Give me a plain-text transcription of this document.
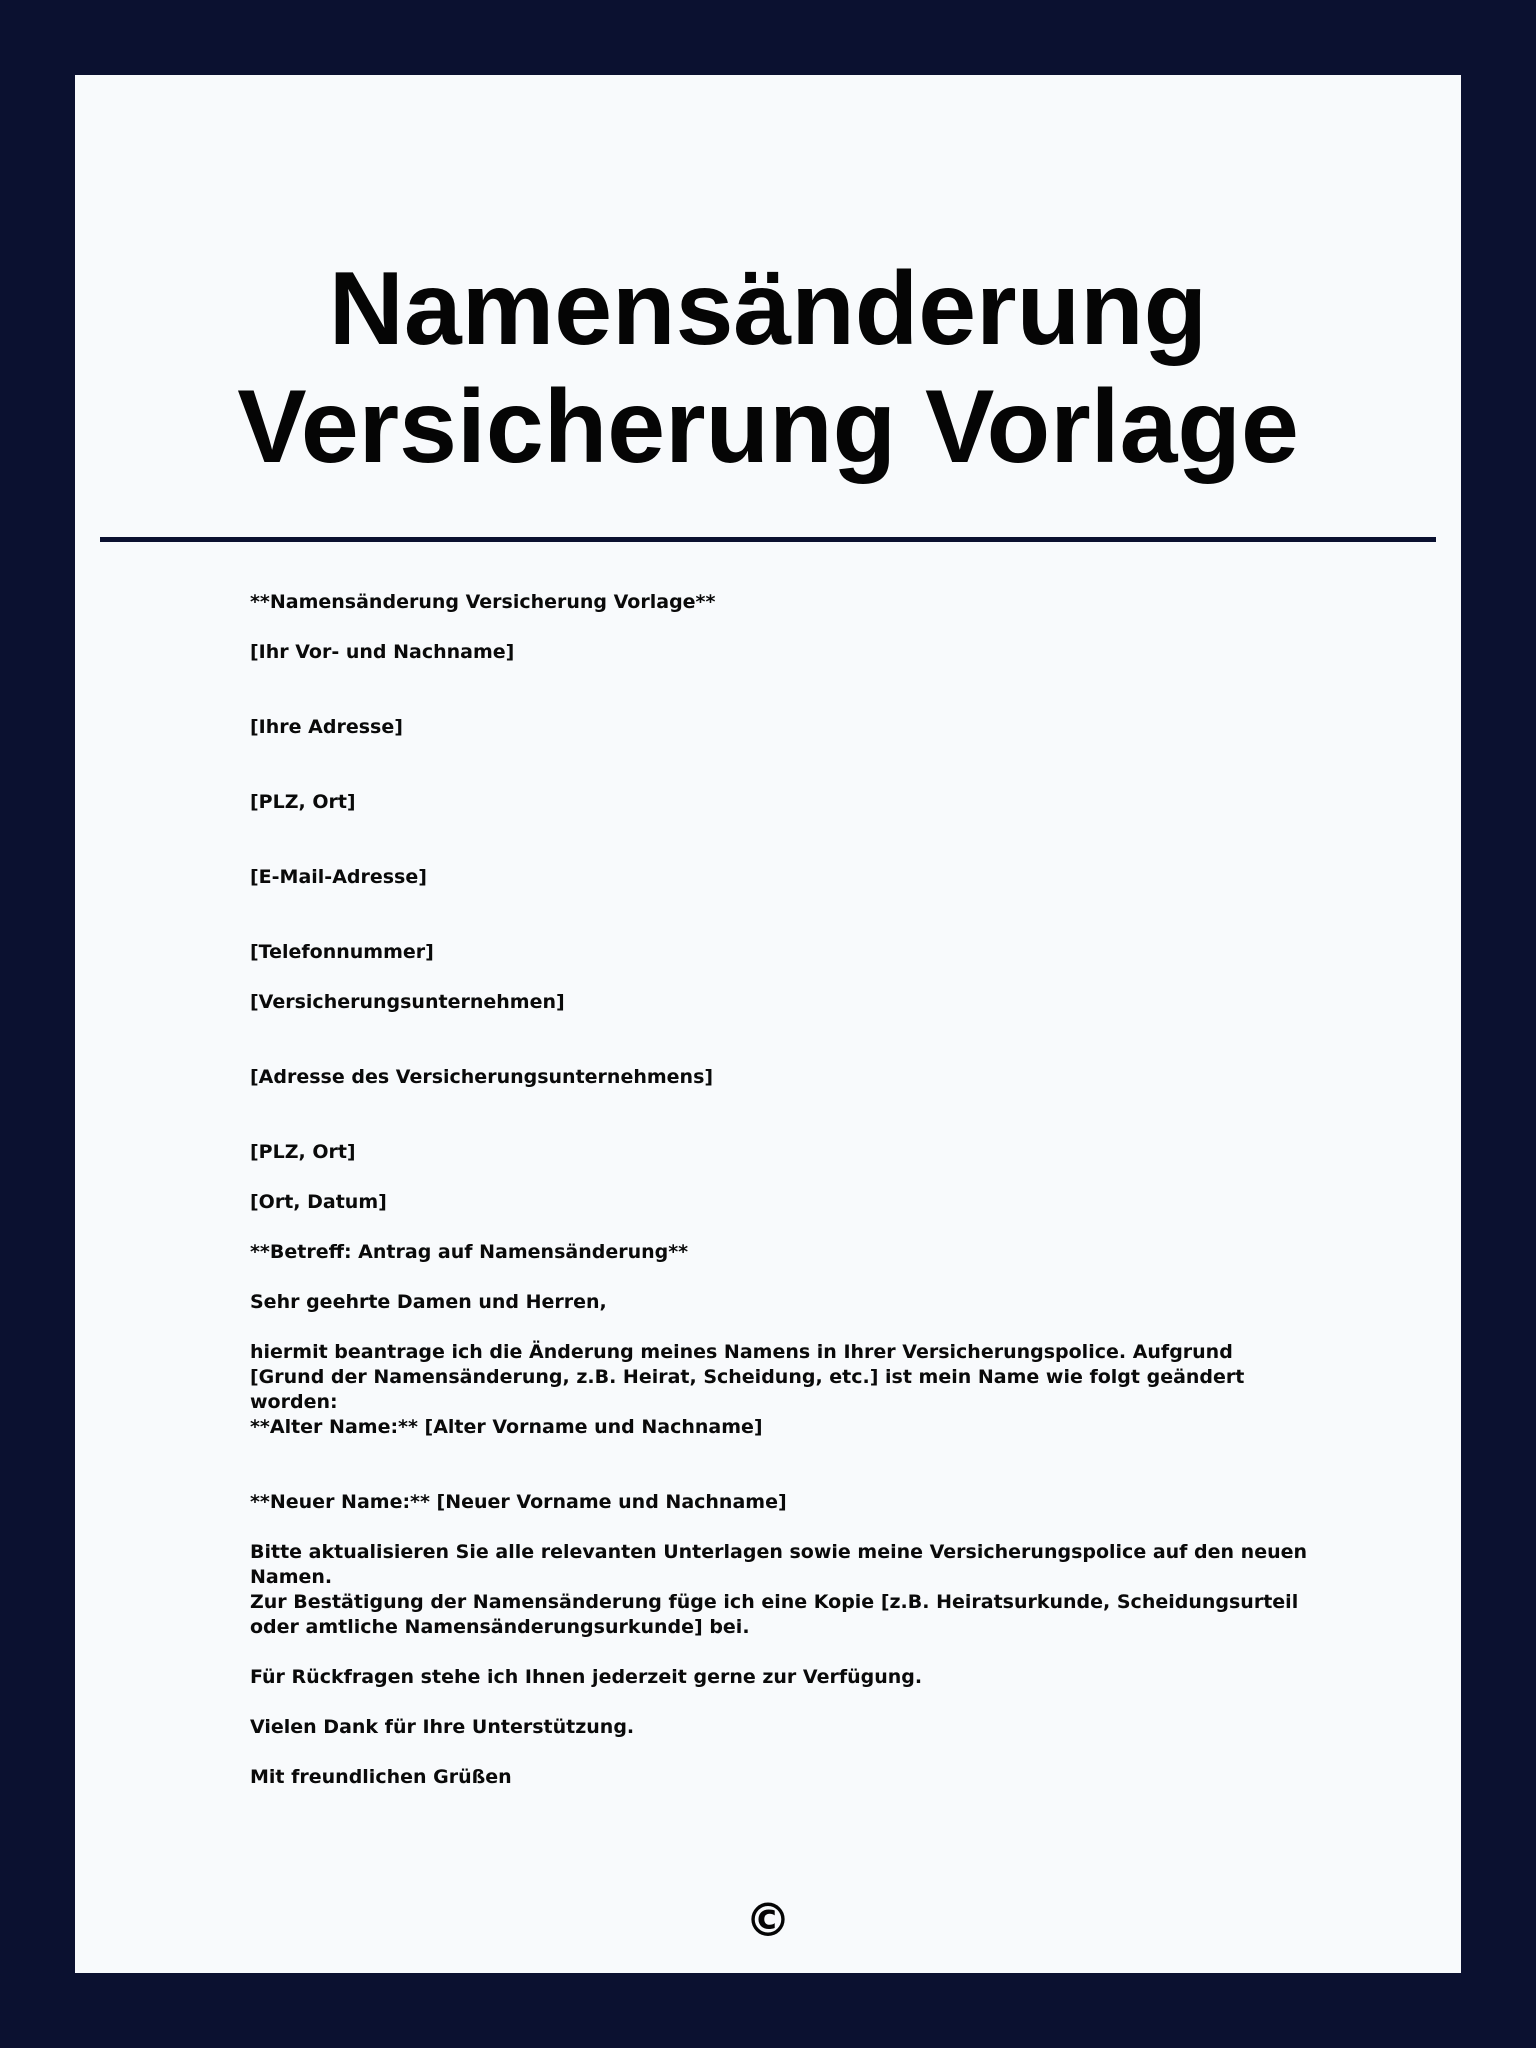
Namensänderung
Versicherung Vorlage
**Namensänderung Versicherung Vorlage**
[Ihr Vor- und Nachname]
[Ihre Adresse]
[PLZ, Ort]
[E-Mail-Adresse]
[Telefonnummer]
[Versicherungsunternehmen]
[Adresse des Versicherungsunternehmens]
[PLZ, Ort]
[Ort, Datum]
**Betreff: Antrag auf Namensänderung**
Sehr geehrte Damen und Herren,
hiermit beantrage ich die Änderung meines Namens in Ihrer Versicherungspolice. Aufgrund [Grund der Namensänderung, z.B. Heirat, Scheidung, etc.] ist mein Name wie folgt geändert worden:
**Alter Name:** [Alter Vorname und Nachname]
**Neuer Name:** [Neuer Vorname und Nachname]
Bitte aktualisieren Sie alle relevanten Unterlagen sowie meine Versicherungspolice auf den neuen Namen.
Zur Bestätigung der Namensänderung füge ich eine Kopie [z.B. Heiratsurkunde, Scheidungsurteil oder amtliche Namensänderungsurkunde] bei.
Für Rückfragen stehe ich Ihnen jederzeit gerne zur Verfügung.
Vielen Dank für Ihre Unterstützung.
Mit freundlichen Grüßen
©
